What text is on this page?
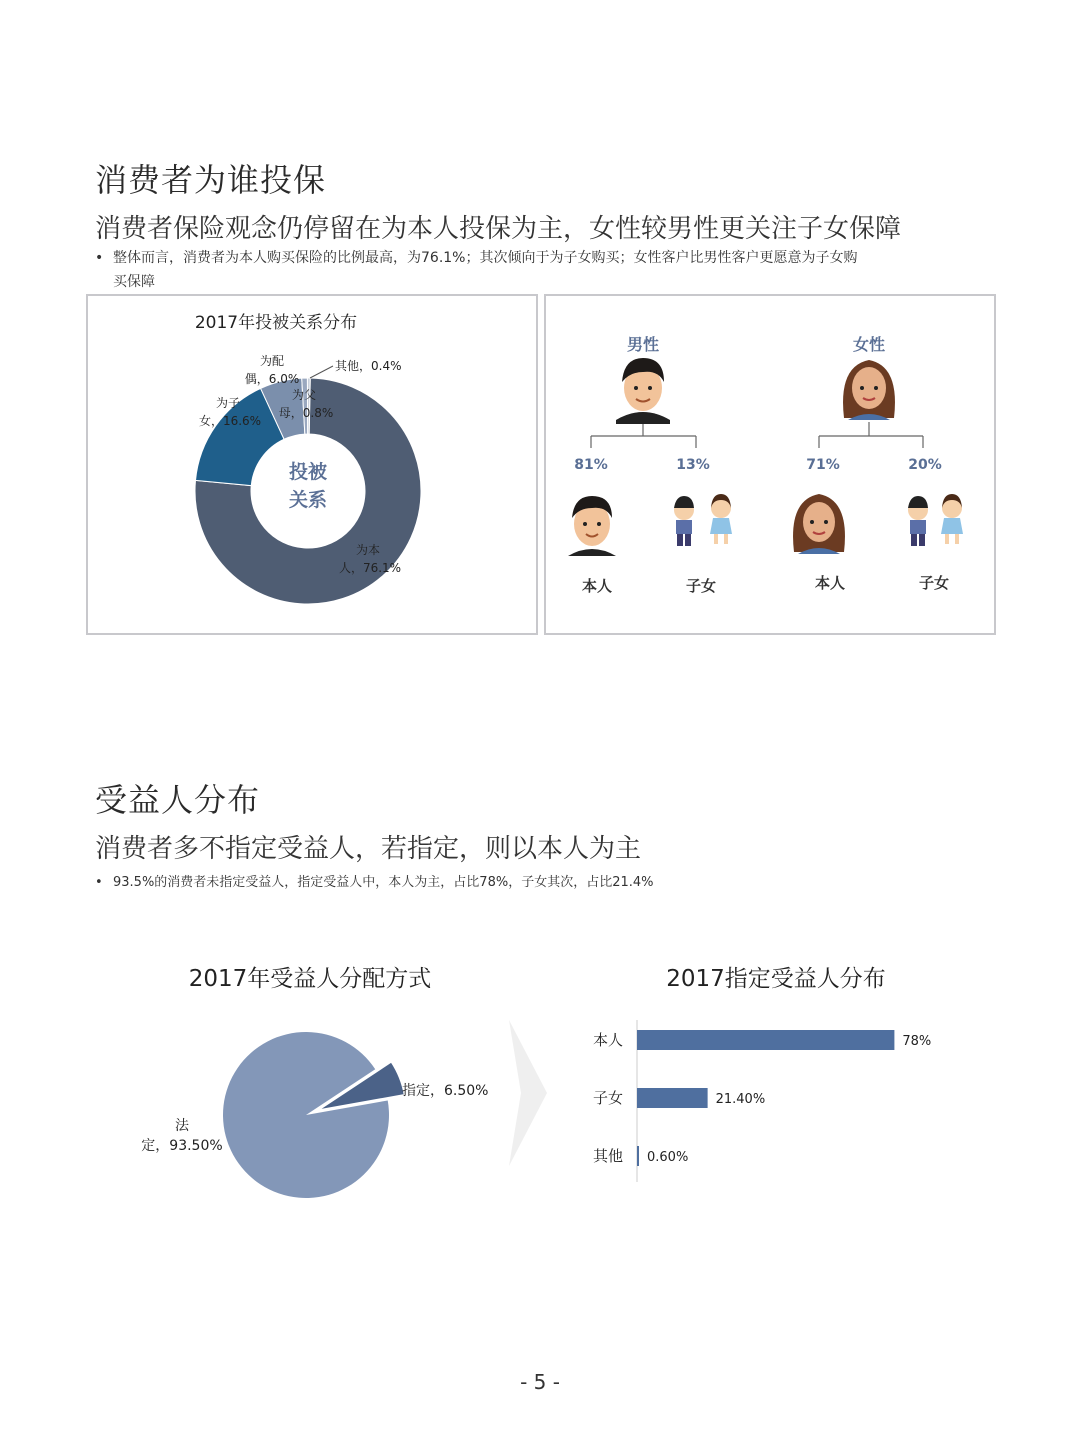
消费者为谁投保
消费者保险观念仍停留在为本人投保为主，女性较男性更关注子女保障
• 整体而言，消费者为本人购买保险的比例最高，为76.1%；其次倾向于为子女购买；女性客户比男性客户更愿意为子女购
买保障
2017年投被关系分布
投被
关系
为本
人，76.1%
为子
女，16.6%
为配
偶，6.0%
为父
母，0.8%
其他，0.4%
男性
81%	13%
本人	子女
女性
71%	20%
本人	子女
受益人分布
消费者多不指定受益人，若指定，则以本人为主
• 93.5%的消费者未指定受益人，指定受益人中，本人为主，占比78%，子女其次，占比21.4%
2017年受益人分配方式
法
定，93.50%
指定，6.50%
2017指定受益人分布
本人	78%
子女	21.40%
其他 0.60%
- 5 -
